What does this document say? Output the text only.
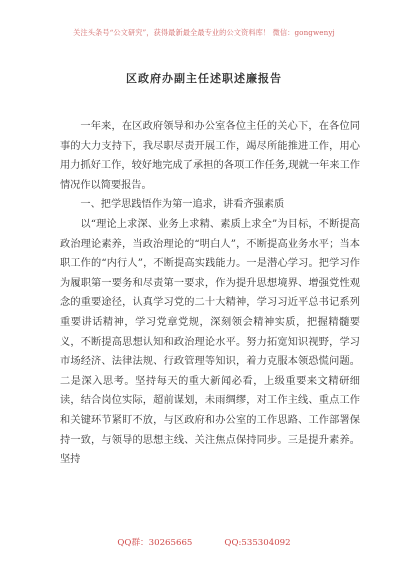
关注头条号“公文研究”，获得最新最全最专业的公文资料库！ 微信：gongwenyj
区政府办副主任述职述廉报告

一年来，在区政府领导和办公室各位主任的关心下，在各位同事的大力支持下，我尽职尽责开展工作，竭尽所能推进工作，用心用力抓好工作，较好地完成了承担的各项工作任务,现就一年来工作情况作以简要报告。

一、把学思践悟作为第一追求，讲看齐强素质

以“理论上求深、业务上求精、素质上求全”为目标，不断提高政治理论素养，当政治理论的“明白人”，不断提高业务水平；当本职工作的“内行人”，不断提高实践能力。一是潜心学习。把学习作为履职第一要务和尽责第一要求，作为提升思想境界、增强党性观念的重要途径，认真学习党的二十大精神，学习习近平总书记系列重要讲话精神，学习党章党规，深刻领会精神实质，把握精髓要义，不断提高思想认知和政治理论水平。努力拓宽知识视野，学习市场经济、法律法规、行政管理等知识，着力克服本领恐慌问题。二是深入思考。坚持每天的重大新闻必看，上级重要来文精研细读，结合岗位实际，超前谋划，未雨绸缪，对工作主线、重点工作和关键环节紧盯不放，与区政府和办公室的工作思路、工作部署保持一致，与领导的思想主线、关注焦点保持同步。三是提升素养。坚持

QQ群：30265665	QQ:535304092
